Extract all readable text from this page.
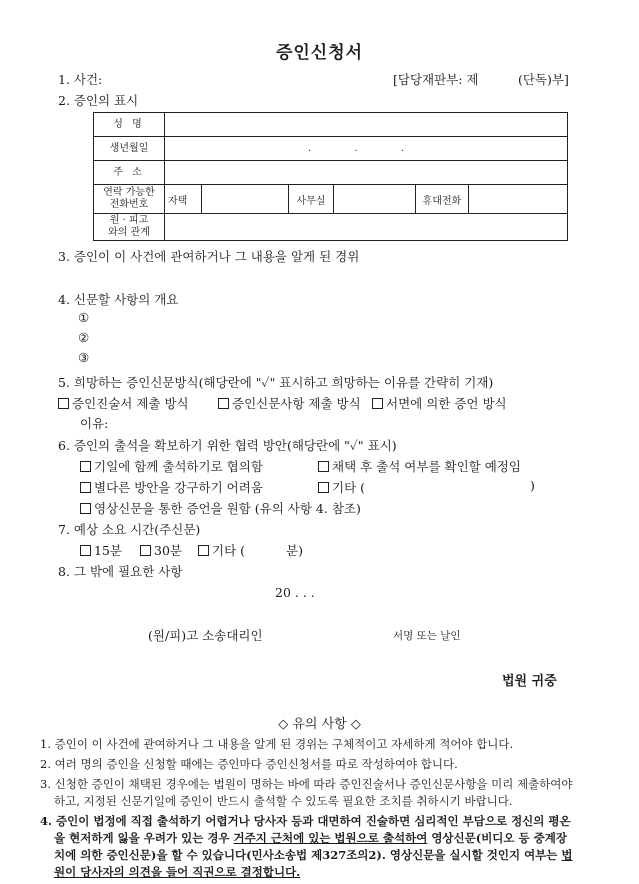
증인신청서
1. 사건:	[담당재판부: 제	(단독)부]
2. 증인의 표시
성 명						
생년월일	. . .					
주 소						
연락 가능한
전화번호	자택		사무실		휴대전화	
원 · 피고
와의 관계						
3. 증인이 이 사건에 관여하거나 그 내용을 알게 된 경위
4. 신문할 사항의 개요
①
②
③
5. 희망하는 증인신문방식(해당란에 "✓" 표시하고 희망하는 이유를 간략히 기재)
증인진술서 제출 방식	증인신문사항 제출 방식	서면에 의한 증언 방식
이유:
6. 증인의 출석을 확보하기 위한 협력 방안(해당란에 "✓" 표시)
기일에 함께 출석하기로 협의함	채택 후 출석 여부를 확인할 예정임
별다른 방안을 강구하기 어려움	기타 (	)
영상신문을 통한 증언을 원함 (유의 사항 4. 참조)
7. 예상 소요 시간(주신문)
15분	30분	기타 (	분)
8. 그 밖에 필요한 사항
20 . . .
(원/피)고 소송대리인	서명 또는 날인
법원 귀중
◇ 유의 사항 ◇
1. 증인이 이 사건에 관여하거나 그 내용을 알게 된 경위는 구체적이고 자세하게 적어야 합니다.
2. 여러 명의 증인을 신청할 때에는 증인마다 증인신청서를 따로 작성하여야 합니다.
3. 신청한 증인이 채택된 경우에는 법원이 명하는 바에 따라 증인진술서나 증인신문사항을 미리 제출하여야 하고, 지정된 신문기일에 증인이 반드시 출석할 수 있도록 필요한 조치를 취하시기 바랍니다.
4. 증인이 법정에 직접 출석하기 어렵거나 당사자 등과 대면하여 진술하면 심리적인 부담으로 정신의 평온을 현저하게 잃을 우려가 있는 경우 거주지 근처에 있는 법원으로 출석하여 영상신문(비디오 등 중계장치에 의한 증인신문)을 할 수 있습니다(민사소송법 제327조의2). 영상신문을 실시할 것인지 여부는 법원이 당사자의 의견을 들어 직권으로 결정합니다.
